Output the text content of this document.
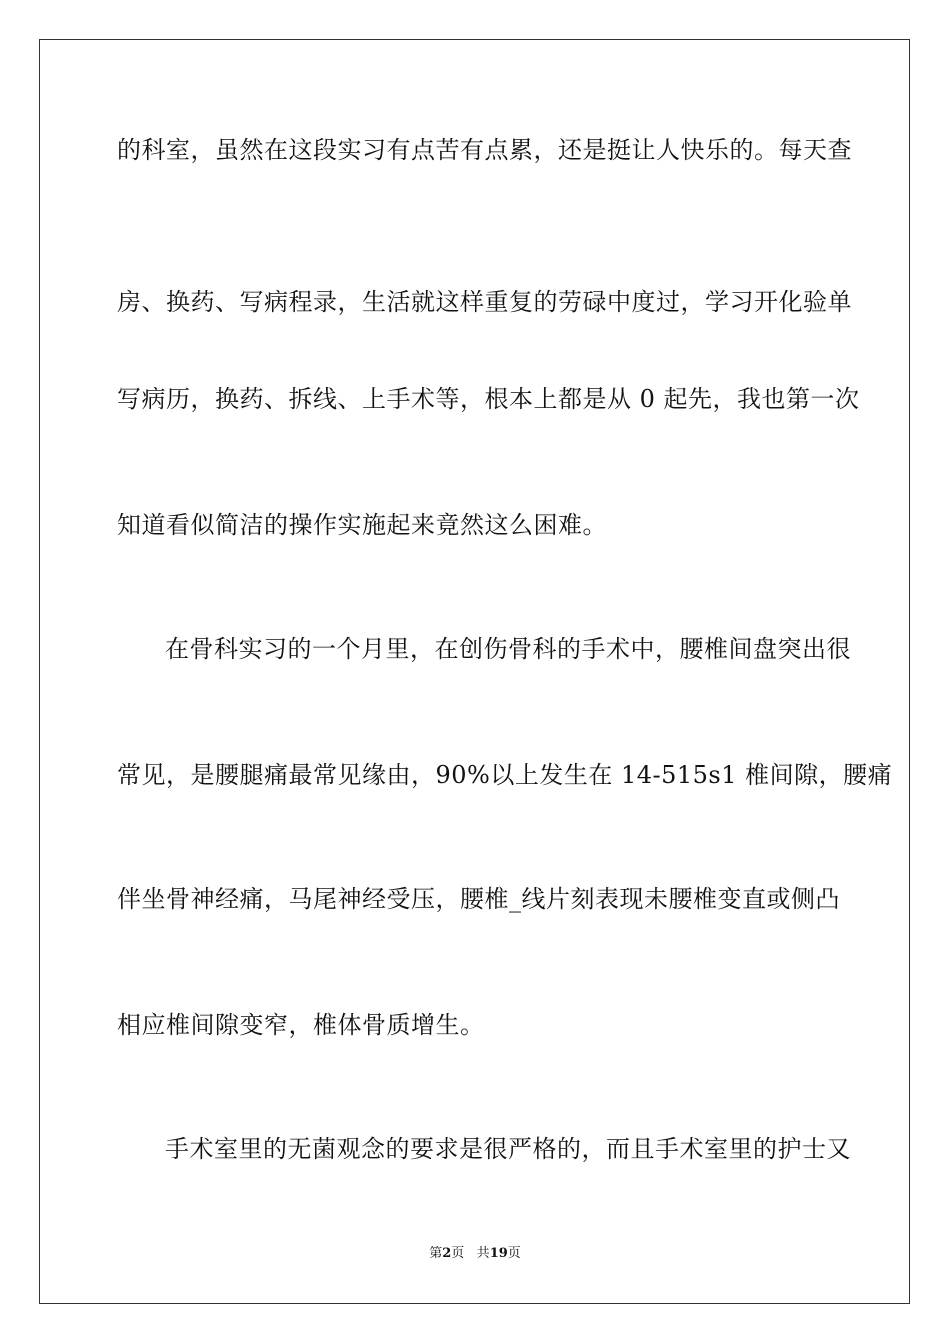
的科室，虽然在这段实习有点苦有点累，还是挺让人快乐的。每天查
房、换药、写病程录，生活就这样重复的劳碌中度过，学习开化验单
写病历，换药、拆线、上手术等，根本上都是从 0 起先，我也第一次
知道看似简洁的操作实施起来竟然这么困难。
在骨科实习的一个月里，在创伤骨科的手术中，腰椎间盘突出很
常见，是腰腿痛最常见缘由，90%以上发生在 14-515s1 椎间隙，腰痛
伴坐骨神经痛，马尾神经受压，腰椎_线片刻表现未腰椎变直或侧凸
相应椎间隙变窄，椎体骨质增生。
手术室里的无菌观念的要求是很严格的，而且手术室里的护士又
第2页 共19页
